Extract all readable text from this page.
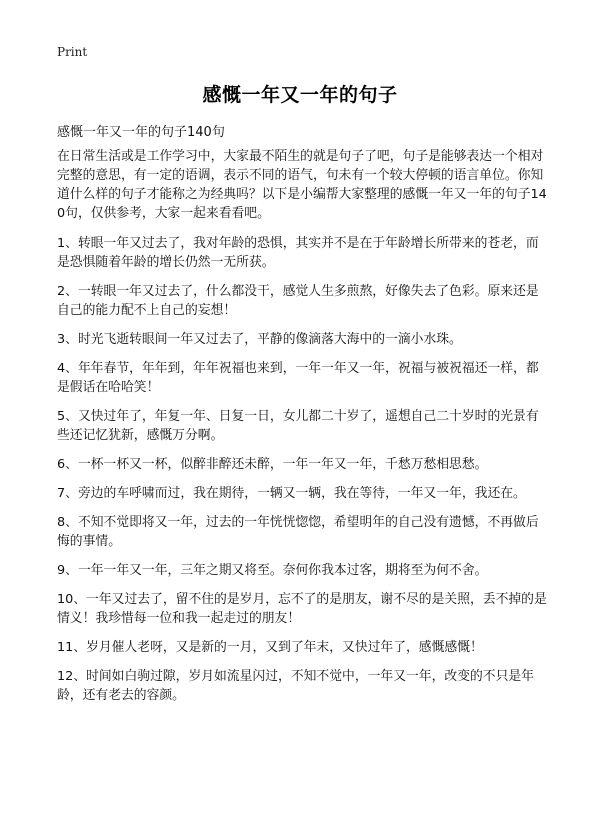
Print
感慨一年又一年的句子
感慨一年又一年的句子140句

在日常生活或是工作学习中，大家最不陌生的就是句子了吧，句子是能够表达一个相对完整的意思，有一定的语调，表示不同的语气，句未有一个较大停顿的语言单位。你知道什么样的句子才能称之为经典吗？以下是小编帮大家整理的感慨一年又一年的句子140句，仅供参考，大家一起来看看吧。

1、转眼一年又过去了，我对年龄的恐惧，其实并不是在于年龄增长所带来的苍老，而是恐惧随着年龄的增长仍然一无所获。

2、一转眼一年又过去了，什么都没干，感觉人生多煎熬，好像失去了色彩。原来还是自己的能力配不上自己的妄想！

3、时光飞逝转眼间一年又过去了，平静的像滴落大海中的一滴小水珠。

4、年年春节，年年到，年年祝福也来到，一年一年又一年，祝福与被祝福还一样，都是假话在哈哈笑！

5、又快过年了，年复一年、日复一日，女儿都二十岁了，遥想自己二十岁时的光景有些还记忆犹新，感慨万分啊。

6、一杯一杯又一杯，似醉非醉还未醉，一年一年又一年，千愁万愁相思愁。

7、旁边的车呼啸而过，我在期待，一辆又一辆，我在等待，一年又一年，我还在。

8、不知不觉即将又一年，过去的一年恍恍惚惚，希望明年的自己没有遗憾，不再做后悔的事情。

9、一年一年又一年，三年之期又将至。奈何你我本过客，期将至为何不舍。

10、一年又过去了，留不住的是岁月，忘不了的是朋友，谢不尽的是关照，丢不掉的是情义！我珍惜每一位和我一起走过的朋友！

11、岁月催人老呀，又是新的一月，又到了年末，又快过年了，感慨感慨！

12、时间如白驹过隙，岁月如流星闪过，不知不觉中，一年又一年，改变的不只是年龄，还有老去的容颜。
